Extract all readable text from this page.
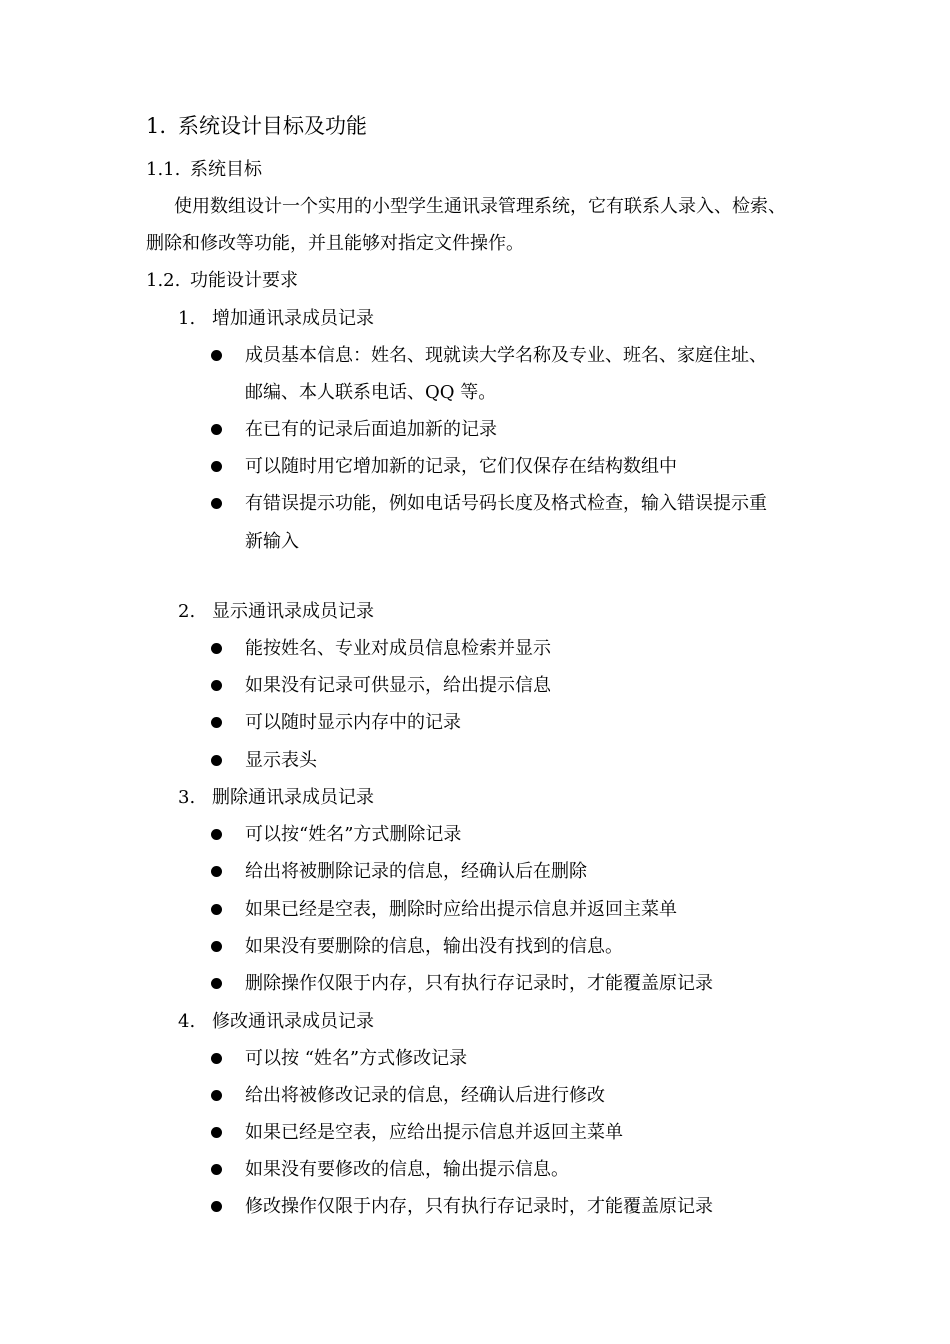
1. 系统设计目标及功能
1.1. 系统目标
使用数组设计一个实用的小型学生通讯录管理系统，它有联系人录入、检索、
删除和修改等功能，并且能够对指定文件操作。
1.2. 功能设计要求
1. 增加通讯录成员记录
成员基本信息：姓名、现就读大学名称及专业、班名、家庭住址、
邮编、本人联系电话、QQ 等。
在已有的记录后面追加新的记录
可以随时用它增加新的记录，它们仅保存在结构数组中
有错误提示功能，例如电话号码长度及格式检查，输入错误提示重
新输入
2. 显示通讯录成员记录
能按姓名、专业对成员信息检索并显示
如果没有记录可供显示，给出提示信息
可以随时显示内存中的记录
显示表头
3. 删除通讯录成员记录
可以按“姓名”方式删除记录
给出将被删除记录的信息，经确认后在删除
如果已经是空表，删除时应给出提示信息并返回主菜单
如果没有要删除的信息，输出没有找到的信息。
删除操作仅限于内存，只有执行存记录时，才能覆盖原记录
4. 修改通讯录成员记录
可以按 “姓名”方式修改记录
给出将被修改记录的信息，经确认后进行修改
如果已经是空表，应给出提示信息并返回主菜单
如果没有要修改的信息，输出提示信息。
修改操作仅限于内存，只有执行存记录时，才能覆盖原记录
